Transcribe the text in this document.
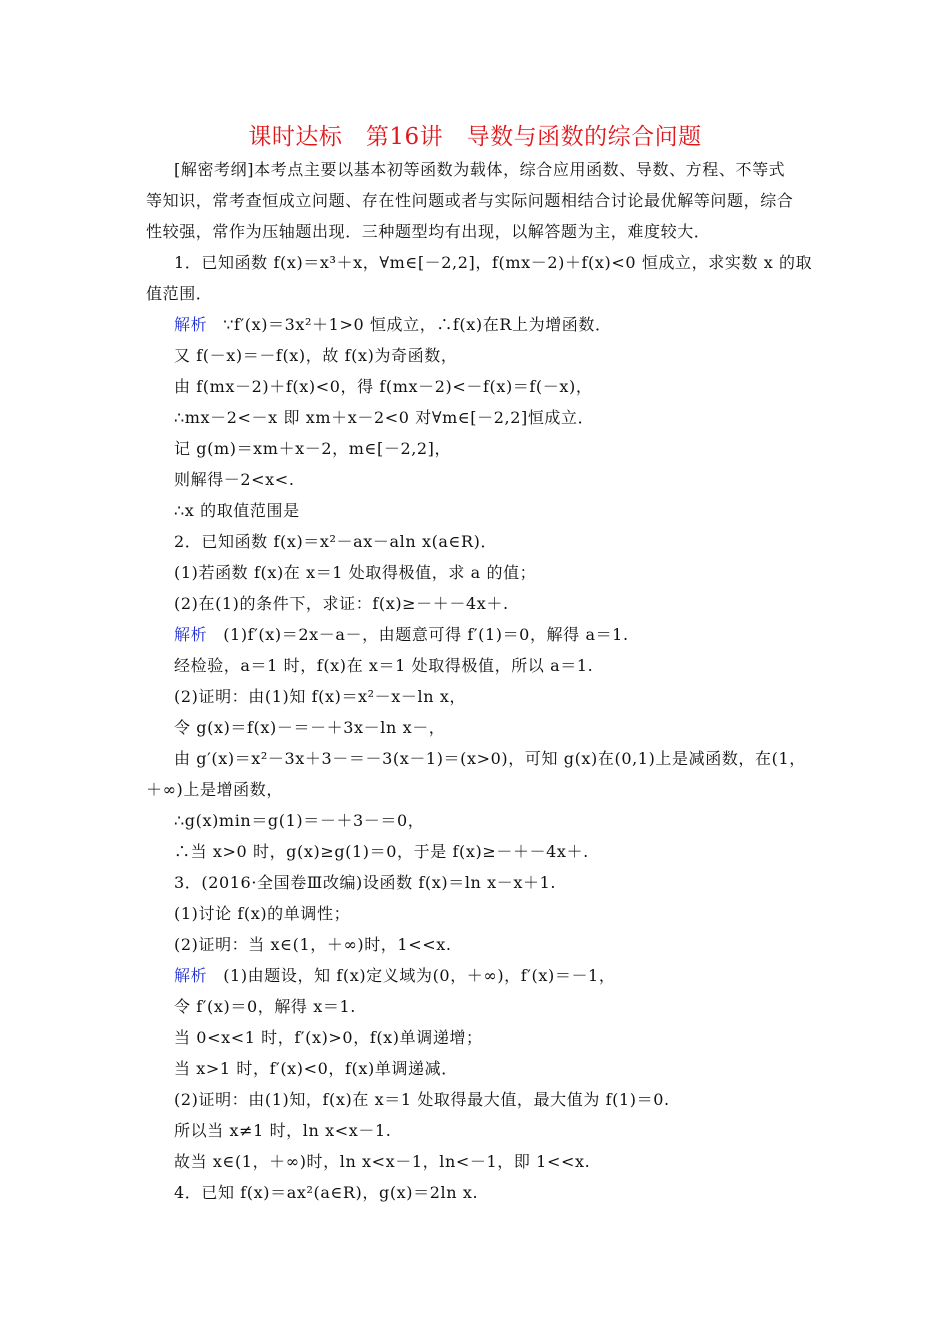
课时达标　第16讲　导数与函数的综合问题
[解密考纲]本考点主要以基本初等函数为载体，综合应用函数、导数、方程、不等式
等知识，常考查恒成立问题、存在性问题或者与实际问题相结合讨论最优解等问题，综合
性较强，常作为压轴题出现．三种题型均有出现，以解答题为主，难度较大．
1．已知函数 f(x)＝x³＋x，∀m∈[－2,2]，f(mx－2)＋f(x)<0 恒成立，求实数 x 的取
值范围．
解析 ∵f′(x)＝3x²＋1>0 恒成立，∴f(x)在R上为增函数．
又 f(－x)＝－f(x)，故 f(x)为奇函数，
由 f(mx－2)＋f(x)<0，得 f(mx－2)<－f(x)＝f(－x)，
∴mx－2<－x 即 xm＋x－2<0 对∀m∈[－2,2]恒成立．
记 g(m)＝xm＋x－2，m∈[－2,2]，
则解得－2<x<.
∴x 的取值范围是
2．已知函数 f(x)＝x²－ax－aln x(a∈R)．
(1)若函数 f(x)在 x＝1 处取得极值，求 a 的值；
(2)在(1)的条件下，求证：f(x)≥－＋－4x＋.
解析 (1)f′(x)＝2x－a－，由题意可得 f′(1)＝0，解得 a＝1.
经检验，a＝1 时，f(x)在 x＝1 处取得极值，所以 a＝1.
(2)证明：由(1)知 f(x)＝x²－x－ln x，
令 g(x)＝f(x)－＝－＋3x－ln x－，
由 g′(x)＝x²－3x＋3－＝－3(x－1)＝(x>0)，可知 g(x)在(0,1)上是减函数，在(1，
＋∞)上是增函数，
∴g(x)min＝g(1)＝－＋3－＝0，
∴当 x>0 时，g(x)≥g(1)＝0，于是 f(x)≥－＋－4x＋.
3．(2016·全国卷Ⅲ改编)设函数 f(x)＝ln x－x＋1.
(1)讨论 f(x)的单调性；
(2)证明：当 x∈(1，＋∞)时，1<<x.
解析 (1)由题设，知 f(x)定义域为(0，＋∞)，f′(x)＝－1，
令 f′(x)＝0，解得 x＝1.
当 0<x<1 时，f′(x)>0，f(x)单调递增；
当 x>1 时，f′(x)<0，f(x)单调递减．
(2)证明：由(1)知，f(x)在 x＝1 处取得最大值，最大值为 f(1)＝0.
所以当 x≠1 时，ln x<x－1.
故当 x∈(1，＋∞)时，ln x<x－1，ln<－1，即 1<<x.
4．已知 f(x)＝ax²(a∈R)，g(x)＝2ln x.
